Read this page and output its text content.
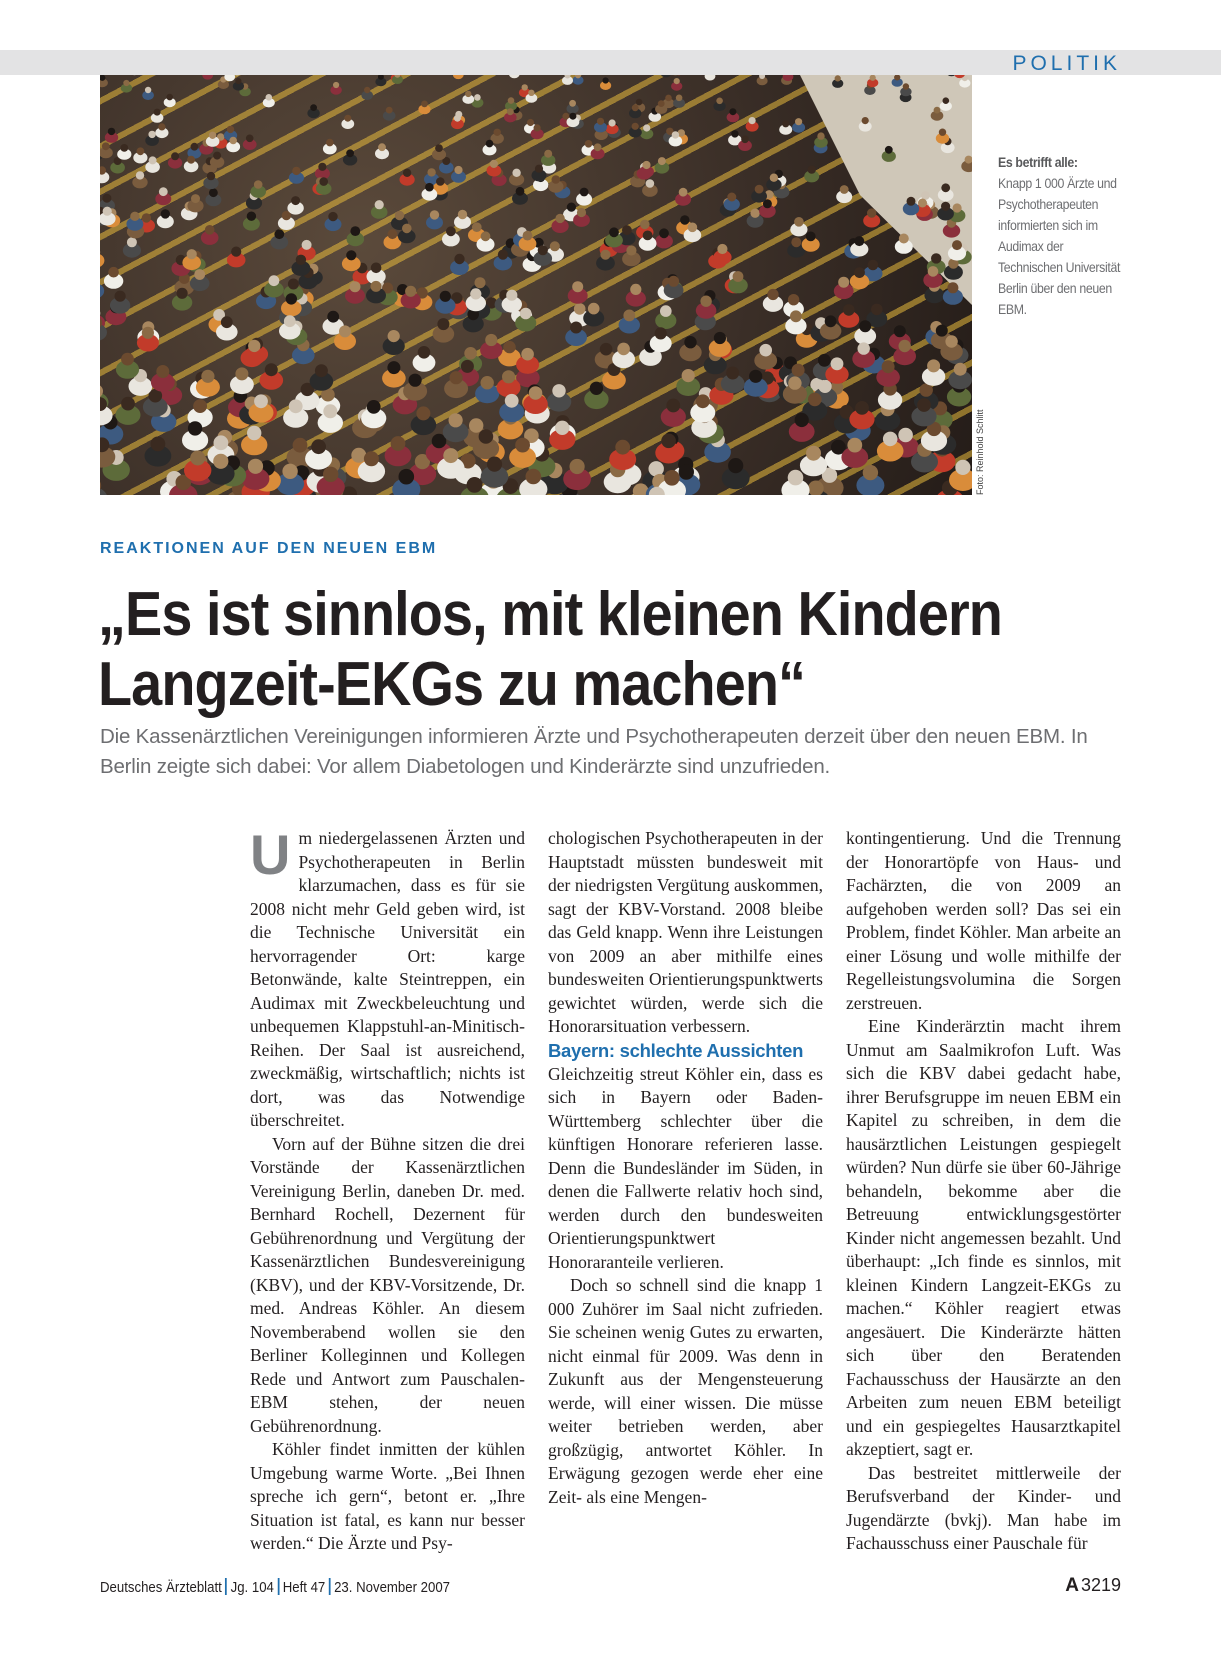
POLITIK
Foto: Reinhold Schlitt
Es betrifft alle:
Knapp 1 000 Ärzte und Psychotherapeuten informierten sich im Audimax der Technischen Universität Berlin über den neuen EBM.
REAKTIONEN AUF DEN NEUEN EBM
„Es ist sinnlos, mit kleinen Kindern
Langzeit-EKGs zu machen“

Die Kassenärztlichen Vereinigungen informieren Ärzte und Psychotherapeuten derzeit über den neuen EBM. In Berlin zeigte sich dabei: Vor allem Diabetologen und Kinderärzte sind unzufrieden.

Um niedergelassenen Ärzten und Psychotherapeuten in Berlin klarzumachen, dass es für sie 2008 nicht mehr Geld geben wird, ist die Technische Universität ein hervorragender Ort: karge Betonwände, kalte Steintreppen, ein Audimax mit Zweckbeleuchtung und unbequemen Klappstuhl-an-Minitisch-Reihen. Der Saal ist ausreichend, zweckmäßig, wirtschaftlich; nichts ist dort, was das Notwendige überschreitet.

Vorn auf der Bühne sitzen die drei Vorstände der Kassenärztlichen Vereinigung Berlin, daneben Dr. med. Bernhard Rochell, Dezernent für Gebührenordnung und Vergütung der Kassenärztlichen Bundesvereinigung (KBV), und der KBV-Vorsitzende, Dr. med. Andreas Köhler. An diesem Novemberabend wollen sie den Berliner Kolleginnen und Kollegen Rede und Antwort zum Pauschalen-EBM stehen, der neuen Gebührenordnung.

Köhler findet inmitten der kühlen Umgebung warme Worte. „Bei Ihnen spreche ich gern“, betont er. „Ihre Situation ist fatal, es kann nur besser werden.“ Die Ärzte und Psy-

chologischen Psychotherapeuten in der Hauptstadt müssten bundesweit mit der niedrigsten Vergütung auskommen, sagt der KBV-Vorstand. 2008 bleibe das Geld knapp. Wenn ihre Leistungen von 2009 an aber mithilfe eines bundesweiten Orientierungspunktwerts gewichtet würden, werde sich die Honorarsituation verbessern.

Bayern: schlechte Aussichten

Gleichzeitig streut Köhler ein, dass es sich in Bayern oder Baden-Württemberg schlechter über die künftigen Honorare referieren lasse. Denn die Bundesländer im Süden, in denen die Fallwerte relativ hoch sind, werden durch den bundesweiten Orientierungspunktwert Honoraranteile verlieren.

Doch so schnell sind die knapp 1 000 Zuhörer im Saal nicht zufrieden. Sie scheinen wenig Gutes zu erwarten, nicht einmal für 2009. Was denn in Zukunft aus der Mengensteuerung werde, will einer wissen. Die müsse weiter betrieben werden, aber großzügig, antwortet Köhler. In Erwägung gezogen werde eher eine Zeit- als eine Mengen-

kontingentierung. Und die Trennung der Honorartöpfe von Haus- und Fachärzten, die von 2009 an aufgehoben werden soll? Das sei ein Problem, findet Köhler. Man arbeite an einer Lösung und wolle mithilfe der Regelleistungsvolumina die Sorgen zerstreuen.

Eine Kinderärztin macht ihrem Unmut am Saalmikrofon Luft. Was sich die KBV dabei gedacht habe, ihrer Berufsgruppe im neuen EBM ein Kapitel zu schreiben, in dem die hausärztlichen Leistungen gespiegelt würden? Nun dürfe sie über 60-Jährige behandeln, bekomme aber die Betreuung entwicklungsgestörter Kinder nicht angemessen bezahlt. Und überhaupt: „Ich finde es sinnlos, mit kleinen Kindern Langzeit-EKGs zu machen.“ Köhler reagiert etwas angesäuert. Die Kinderärzte hätten sich über den Beratenden Fachausschuss der Hausärzte an den Arbeiten zum neuen EBM beteiligt und ein gespiegeltes Hausarztkapitel akzeptiert, sagt er.

Das bestreitet mittlerweile der Berufsverband der Kinder- und Jugendärzte (bvkj). Man habe im Fachausschuss einer Pauschale für

Deutsches Ärzteblatt Jg. 104 Heft 47 23. November 2007	A 3219
